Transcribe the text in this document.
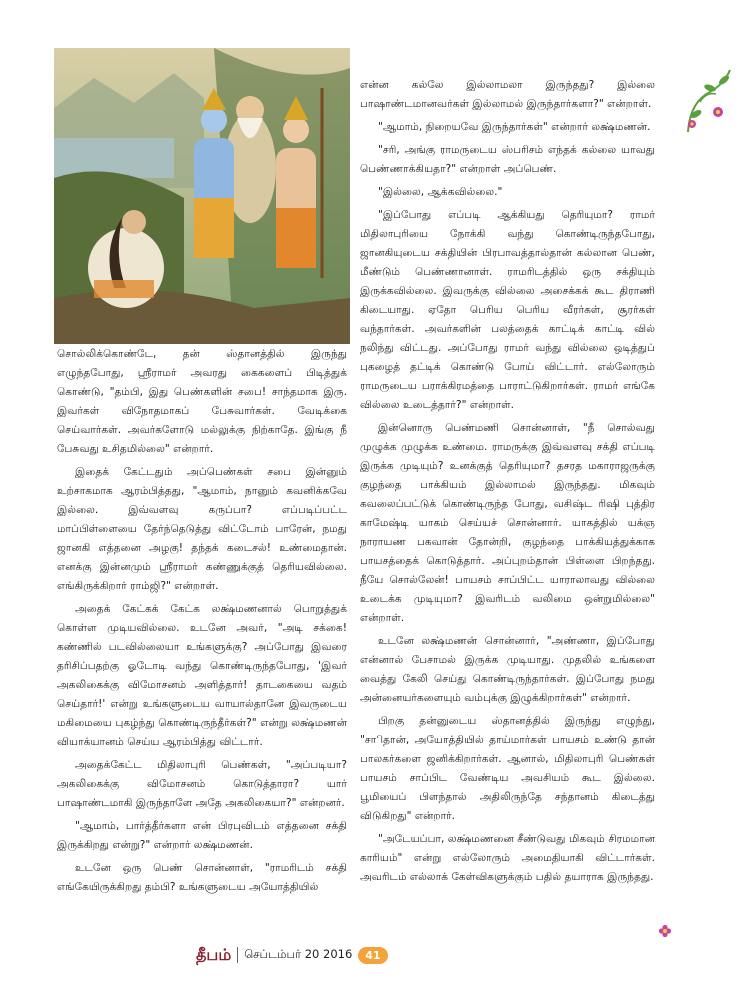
சொல்லிக்கொண்டே, தன் ஸ்தானத்தில் இருந்து எழுந்தபோது, ஸ்ரீராமர் அவரது கைகளைப் பிடித்துக் கொண்டு, "தம்பி, இது பெண்களின் சபை! சாந்தமாக இரு. இவர்கள் விநோதமாகப் பேசுவார்கள். வேடிக்கை செய்வார்கள். அவர்களோடு மல்லுக்கு நிற்காதே. இங்கு நீ பேசுவது உசிதமில்லை" என்றார்.

இதைக் கேட்டதும் அப்பெண்கள் சபை இன்னும் உற்சாகமாக ஆரம்பித்தது, "ஆமாம், நானும் கவனிக்கவே இல்லை. இவ்வளவு கருப்பா? எப்படிப்பட்ட மாப்பிள்ளையை தேர்ந்தெடுத்து விட்டோம் பாரேன், நமது ஜானகி எத்தனை அழகு! தந்தக் கடைசல்! உண்மைதான். எனக்கு இன்னமும் ஸ்ரீராமர் கண்ணுக்குத் தெரியவில்லை. எங்கிருக்கிறார் ராம்ஜி?" என்றாள்.

அதைக் கேட்கக் கேட்க லக்ஷ்மணனால் பொறுத்துக் கொள்ள முடியவில்லை. உடனே அவர், "அடி சக்கை! கண்ணில் படவில்லையா உங்களுக்கு? அப்போது இவரை தரிசிப்பதற்கு ஓடோடி வந்து கொண்டிருந்தபோது, 'இவர் அகலிகைக்கு விமோசனம் அளித்தார்! தாடகையை வதம் செய்தார்!' என்று உங்களுடைய வாயால்தானே இவருடைய மகிமையை புகழ்ந்து கொண்டிருந்தீர்கள்?" என்று லக்ஷ்மணன் வியாக்யானம் செய்ய ஆரம்பித்து விட்டார்.

அதைக்கேட்ட மிதிலாபுரி பெண்கள், "அப்படியா? அகலிகைக்கு விமோசனம் கொடுத்தாரா? யார் பாஷாண்டமாகி இருந்தாளே அதே அகலிகையா?" என்றனர்.

"ஆமாம், பார்த்தீர்களா என் பிரபுவிடம் எத்தனை சக்தி இருக்கிறது என்று?" என்றார் லக்ஷ்மணன்.

உடனே ஒரு பெண் சொன்னாள், "ராமரிடம் சக்தி எங்கேயிருக்கிறது தம்பி? உங்களுடைய அயோத்தியில்

என்ன கல்லே இல்லாமலா இருந்தது? இல்லை பாஷாண்டமானவர்கள் இல்லாமல் இருந்தார்களா?" என்றாள்.

"ஆமாம், நிறையவே இருந்தார்கள்" என்றார் லக்ஷ்மணன்.

"சரி, அங்கு ராமருடைய ஸ்பரிசம் எந்தக் கல்லை யாவது பெண்ணாக்கியதா?" என்றாள் அப்பெண்.

"இல்லை, ஆக்கவில்லை."

"இப்போது எப்படி ஆக்கியது தெரியுமா? ராமர் மிதிலாபுரியை நோக்கி வந்து கொண்டிருந்தபோது, ஜானகியுடைய சக்தியின் பிரபாவத்தால்தான் கல்லான பெண், மீண்டும் பெண்ணானாள். ராமரிடத்தில் ஒரு சக்தியும் இருக்கவில்லை. இவருக்கு வில்லை அசைக்கக் கூட திராணி கிடையாது. ஏதோ பெரிய பெரிய வீரர்கள், சூரர்கள் வந்தார்கள். அவர்களின் பலத்தைக் காட்டிக் காட்டி வில் நலிந்து விட்டது. அப்போது ராமர் வந்து வில்லை ஒடித்துப் புகழைத் தட்டிக் கொண்டு போய் விட்டார். எல்லோரும் ராமருடைய பராக்கிரமத்தை பாராட்டுகிறார்கள். ராமர் எங்கே வில்லை உடைத்தார்?" என்றாள்.

இன்னொரு பெண்மணி சொன்னாள், "நீ சொல்வது முழுக்க முழுக்க உண்மை. ராமருக்கு இவ்வளவு சக்தி எப்படி இருக்க முடியும்? உனக்குத் தெரியுமா? தசரத மகாராஜருக்கு குழந்தை பாக்கியம் இல்லாமல் இருந்தது. மிகவும் கவலைப்பட்டுக் கொண்டிருந்த போது, வசிஷ்ட ரிஷி புத்திர காமேஷ்டி யாகம் செய்யச் சொன்னார். யாகத்தில் யக்ஞ நாராயண பகவான் தோன்றி, குழந்தை பாக்கியத்துக்காக பாயசத்தைக் கொடுத்தார். அப்புறம்தான் பிள்ளை பிறந்தது. நீயே சொல்லேன்! பாயசம் சாப்பிட்ட யாராலாவது வில்லை உடைக்க முடியுமா? இவரிடம் வலிமை ஒன்றுமில்லை" என்றாள்.

உடனே லக்ஷ்மணன் சொன்னார், "அண்ணா, இப்போது என்னால் பேசாமல் இருக்க முடியாது. முதலில் உங்களை வைத்து கேலி செய்து கொண்டிருந்தார்கள். இப்போது நமது அன்னையர்களையும் வம்புக்கு இழுக்கிறார்கள்" என்றார்.

பிறகு தன்னுடைய ஸ்தானத்தில் இருந்து எழுந்து, "சாிதான், அயோத்தியில் தாய்மார்கள் பாயசம் உண்டு தான் பாலகர்களை ஜனிக்கிறார்கள். ஆனால், மிதிலாபுரி பெண்கள் பாயசம் சாப்பிட வேண்டிய அவசியம் கூட இல்லை. பூமியைப் பிளந்தால் அதிலிருந்தே சந்தானம் கிடைத்து விடுகிறது" என்றார்.

"அடேயப்பா, லக்ஷ்மணனை சீண்டுவது மிகவும் சிரமமான காரியம்" என்று எல்லோரும் அமைதியாகி விட்டார்கள். அவரிடம் எல்லாக் கேள்விகளுக்கும் பதில் தயாராக இருந்தது.

தீபம் செப்டம்பர் 20 2016	41
